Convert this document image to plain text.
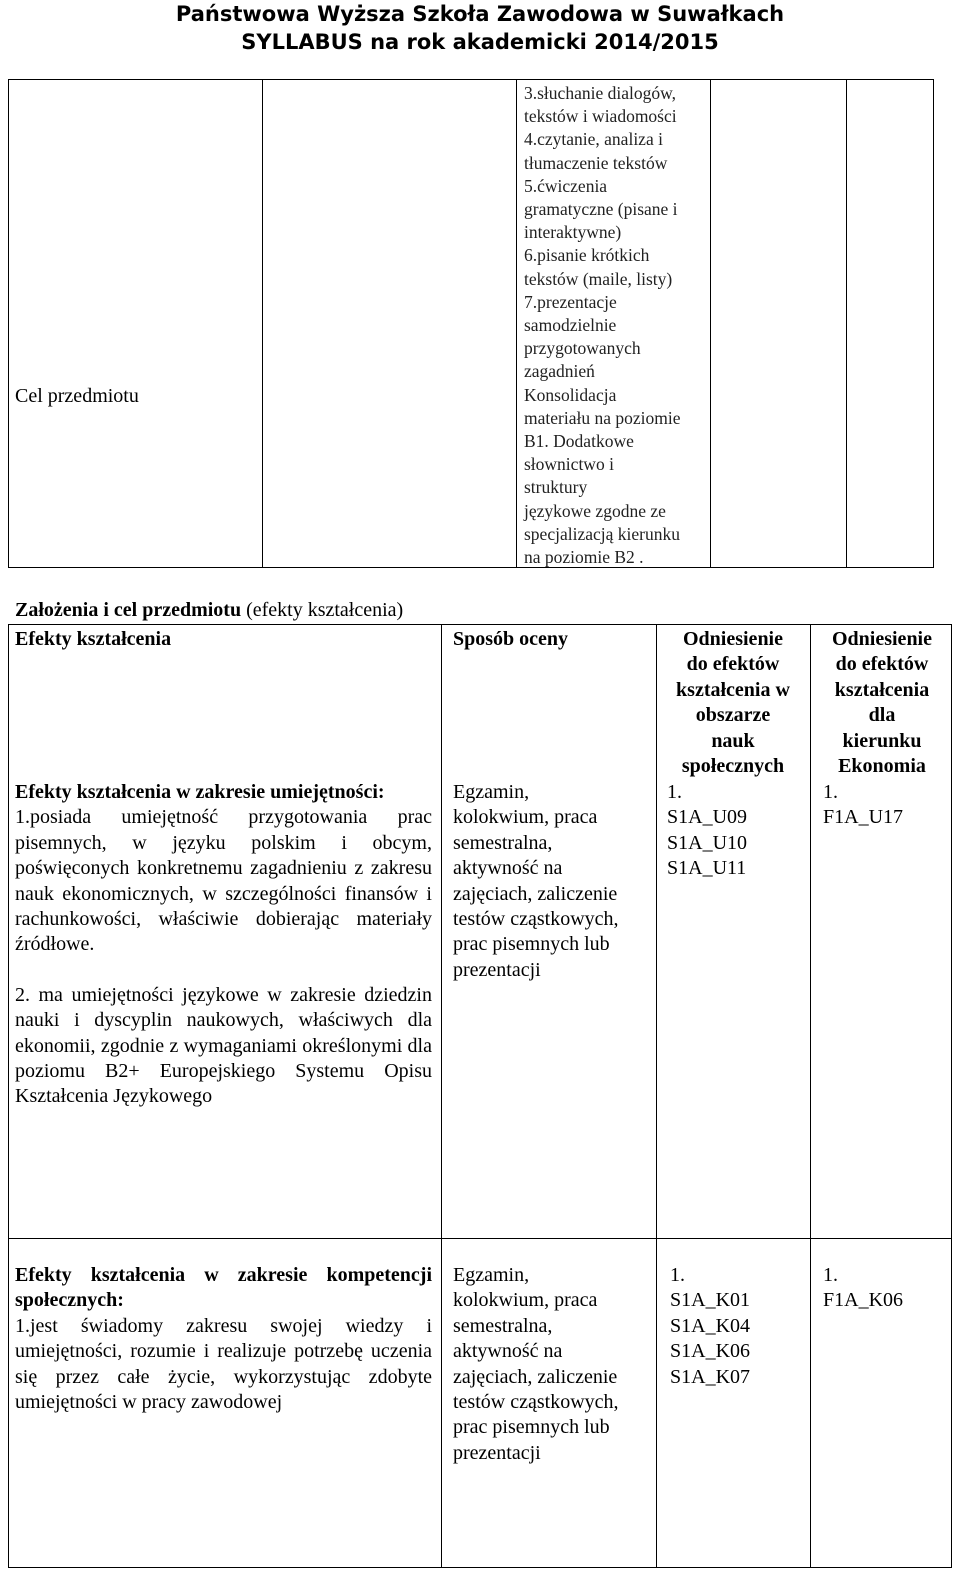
Państwowa Wyższa Szkoła Zawodowa w Suwałkach
SYLLABUS na rok akademicki 2014/2015
Cel przedmiotu
3.słuchanie dialogów,
tekstów i wiadomości
4.czytanie, analiza i
tłumaczenie tekstów
5.ćwiczenia
gramatyczne (pisane i
interaktywne)
6.pisanie krótkich
tekstów (maile, listy)
7.prezentacje
samodzielnie
przygotowanych
zagadnień
Konsolidacja
materiału na poziomie
B1. Dodatkowe
słownictwo i
struktury
językowe zgodne ze
specjalizacją kierunku
na poziomie B2 .
Założenia i cel przedmiotu (efekty kształcenia)
Efekty kształcenia	Sposób oceny	Odniesienie
do efektów
kształcenia w
obszarze
nauk
społecznych
Odniesienie
do efektów
kształcenia
dla
kierunku
Ekonomia
Efekty kształcenia w zakresie umiejętności:
1.posiada umiejętność przygotowania prac pisemnych, w języku polskim i obcym, poświęconych konkretnemu zagadnieniu z zakresu nauk ekonomicznych, w szczególności finansów i rachunkowości, właściwie dobierając materiały źródłowe.
2. ma umiejętności językowe w zakresie dziedzin nauki i dyscyplin naukowych, właściwych dla ekonomii, zgodnie z wymaganiami określonymi dla poziomu B2+ Europejskiego Systemu Opisu Kształcenia Językowego
Egzamin,
kolokwium, praca
semestralna,
aktywność na
zajęciach, zaliczenie
testów cząstkowych,
prac pisemnych lub
prezentacji
1.
S1A_U09
S1A_U10
S1A_U11
1.
F1A_U17
Efekty kształcenia w zakresie kompetencji społecznych:
1.jest świadomy zakresu swojej wiedzy i umiejętności, rozumie i realizuje potrzebę uczenia się przez całe życie, wykorzystując zdobyte umiejętności w pracy zawodowej
Egzamin,
kolokwium, praca
semestralna,
aktywność na
zajęciach, zaliczenie
testów cząstkowych,
prac pisemnych lub
prezentacji
1.
S1A_K01
S1A_K04
S1A_K06
S1A_K07
1.
F1A_K06
